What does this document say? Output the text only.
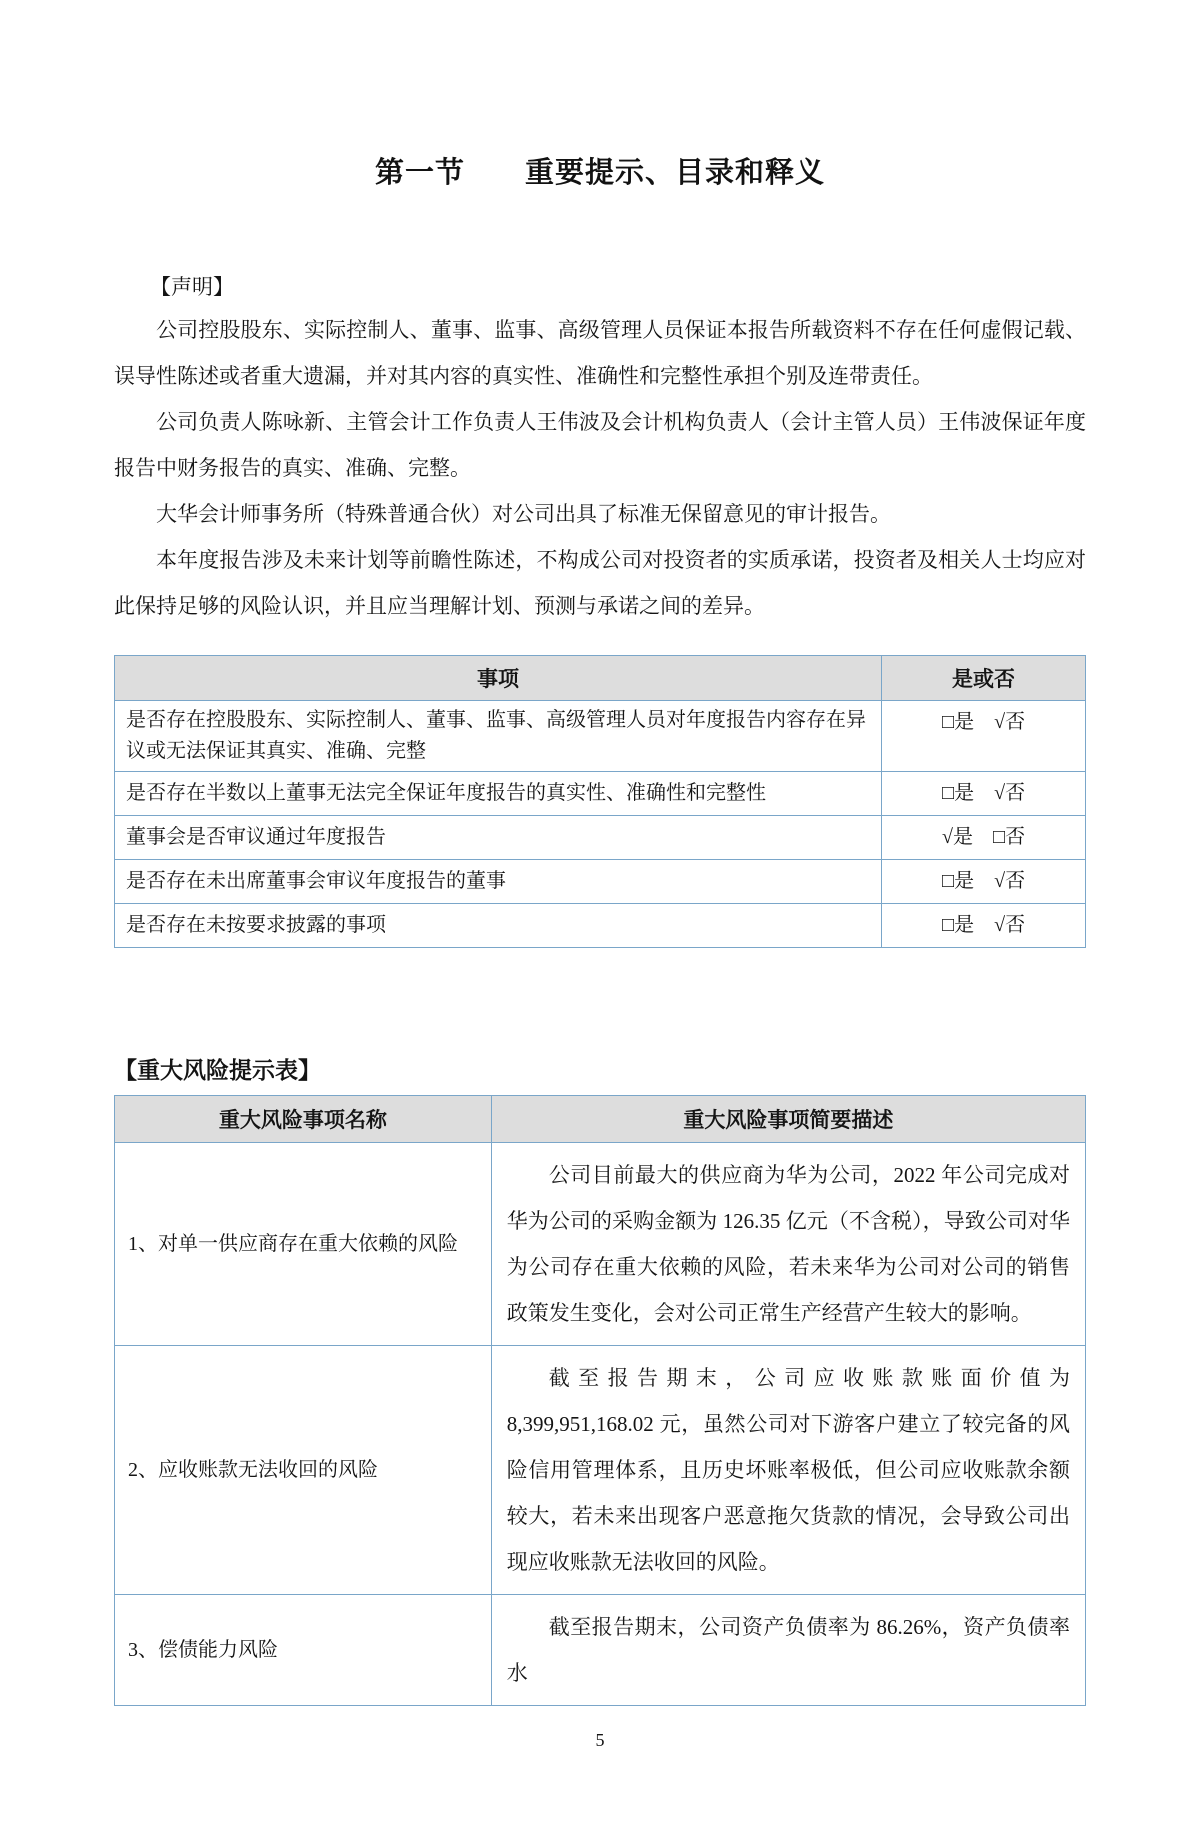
第一节　　重要提示、目录和释义
【声明】

公司控股股东、实际控制人、董事、监事、高级管理人员保证本报告所载资料不存在任何虚假记载、误导性陈述或者重大遗漏，并对其内容的真实性、准确性和完整性承担个别及连带责任。

公司负责人陈咏新、主管会计工作负责人王伟波及会计机构负责人（会计主管人员）王伟波保证年度报告中财务报告的真实、准确、完整。

大华会计师事务所（特殊普通合伙）对公司出具了标准无保留意见的审计报告。

本年度报告涉及未来计划等前瞻性陈述，不构成公司对投资者的实质承诺，投资者及相关人士均应对此保持足够的风险认识，并且应当理解计划、预测与承诺之间的差异。

事项	是或否
是否存在控股股东、实际控制人、董事、监事、高级管理人员对年度报告内容存在异议或无法保证其真实、准确、完整	□是　√否
是否存在半数以上董事无法完全保证年度报告的真实性、准确性和完整性	□是　√否
董事会是否审议通过年度报告	√是　□否
是否存在未出席董事会审议年度报告的董事	□是　√否
是否存在未按要求披露的事项	□是　√否
【重大风险提示表】
重大风险事项名称	重大风险事项简要描述
1、对单一供应商存在重大依赖的风险	公司目前最大的供应商为华为公司，2022 年公司完成对华为公司的采购金额为 126.35 亿元（不含税），导致公司对华为公司存在重大依赖的风险，若未来华为公司对公司的销售政策发生变化，会对公司正常生产经营产生较大的影响。
2、应收账款无法收回的风险	截至报告期末，公司应收账款账面价值为 8,399,951,168.02 元，虽然公司对下游客户建立了较完备的风险信用管理体系，且历史坏账率极低，但公司应收账款余额较大，若未来出现客户恶意拖欠货款的情况，会导致公司出现应收账款无法收回的风险。
3、偿债能力风险	截至报告期末，公司资产负债率为 86.26%，资产负债率水
5
